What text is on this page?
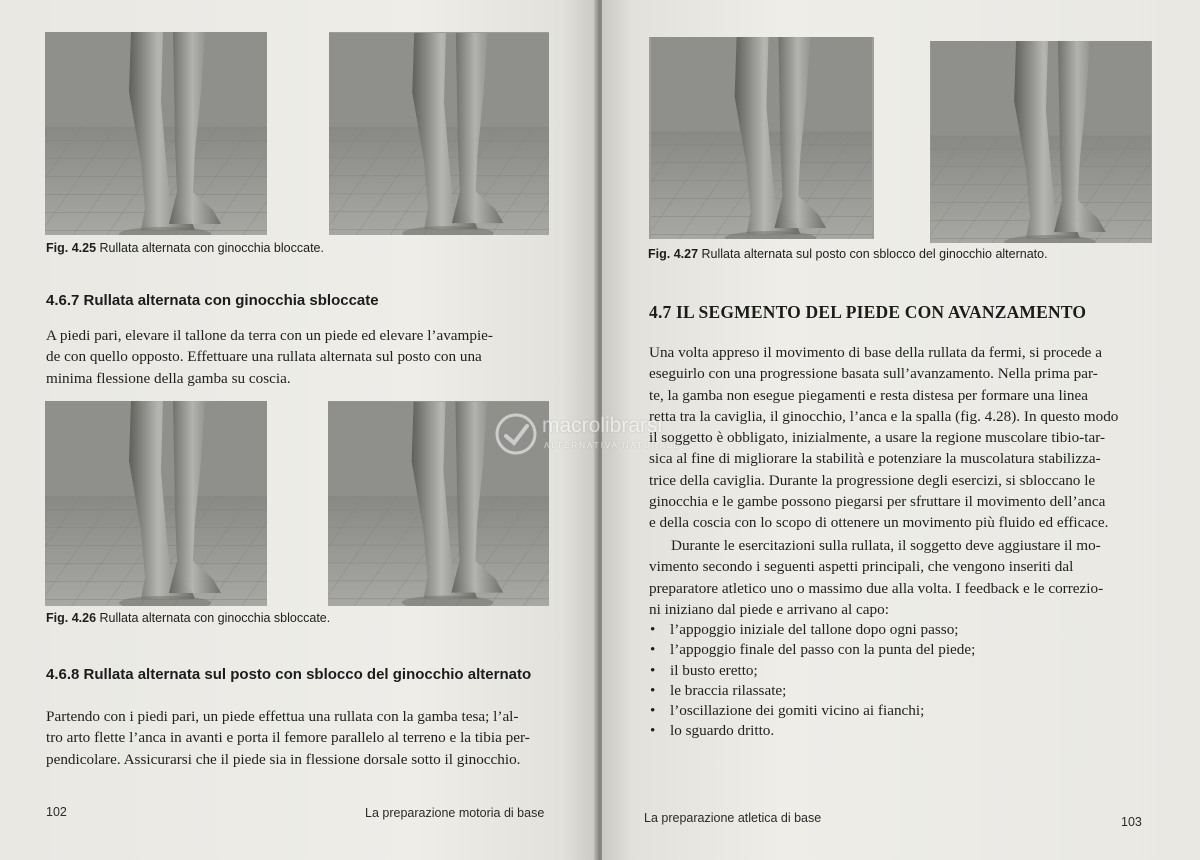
Fig. 4.25 Rullata alternata con ginocchia bloccate.
4.6.7 Rullata alternata con ginocchia sbloccate
A piedi pari, elevare il tallone da terra con un piede ed elevare l’avampie-
de con quello opposto. Effettuare una rullata alternata sul posto con una
minima flessione della gamba su coscia.
Fig. 4.26 Rullata alternata con ginocchia sbloccate.
4.6.8 Rullata alternata sul posto con sblocco del ginocchio alternato
Partendo con i piedi pari, un piede effettua una rullata con la gamba tesa; l’al-
tro arto flette l’anca in avanti e porta il femore parallelo al terreno e la tibia per-
pendicolare. Assicurarsi che il piede sia in flessione dorsale sotto il ginocchio.
102	La preparazione motoria di base
Fig. 4.27 Rullata alternata sul posto con sblocco del ginocchio alternato.
4.7 IL SEGMENTO DEL PIEDE CON AVANZAMENTO
Una volta appreso il movimento di base della rullata da fermi, si procede a
eseguirlo con una progressione basata sull’avanzamento. Nella prima par-
te, la gamba non esegue piegamenti e resta distesa per formare una linea
retta tra la caviglia, il ginocchio, l’anca e la spalla (fig. 4.28). In questo modo
il soggetto è obbligato, inizialmente, a usare la regione muscolare tibio-tar-
sica al fine di migliorare la stabilità e potenziare la muscolatura stabilizza-
trice della caviglia. Durante la progressione degli esercizi, si sbloccano le
ginocchia e le gambe possono piegarsi per sfruttare il movimento dell’anca
e della coscia con lo scopo di ottenere un movimento più fluido ed efficace.
Durante le esercitazioni sulla rullata, il soggetto deve aggiustare il mo-
vimento secondo i seguenti aspetti principali, che vengono inseriti dal
preparatore atletico uno o massimo due alla volta. I feedback e le correzio-
ni iniziano dal piede e arrivano al capo:
• l’appoggio iniziale del tallone dopo ogni passo;
• l’appoggio finale del passo con la punta del piede;
• il busto eretto;
• le braccia rilassate;
• l’oscillazione dei gomiti vicino ai fianchi;
• lo sguardo dritto.
La preparazione atletica di base	103
macrolibrarsi
ALTERNATIVA NATURALE
